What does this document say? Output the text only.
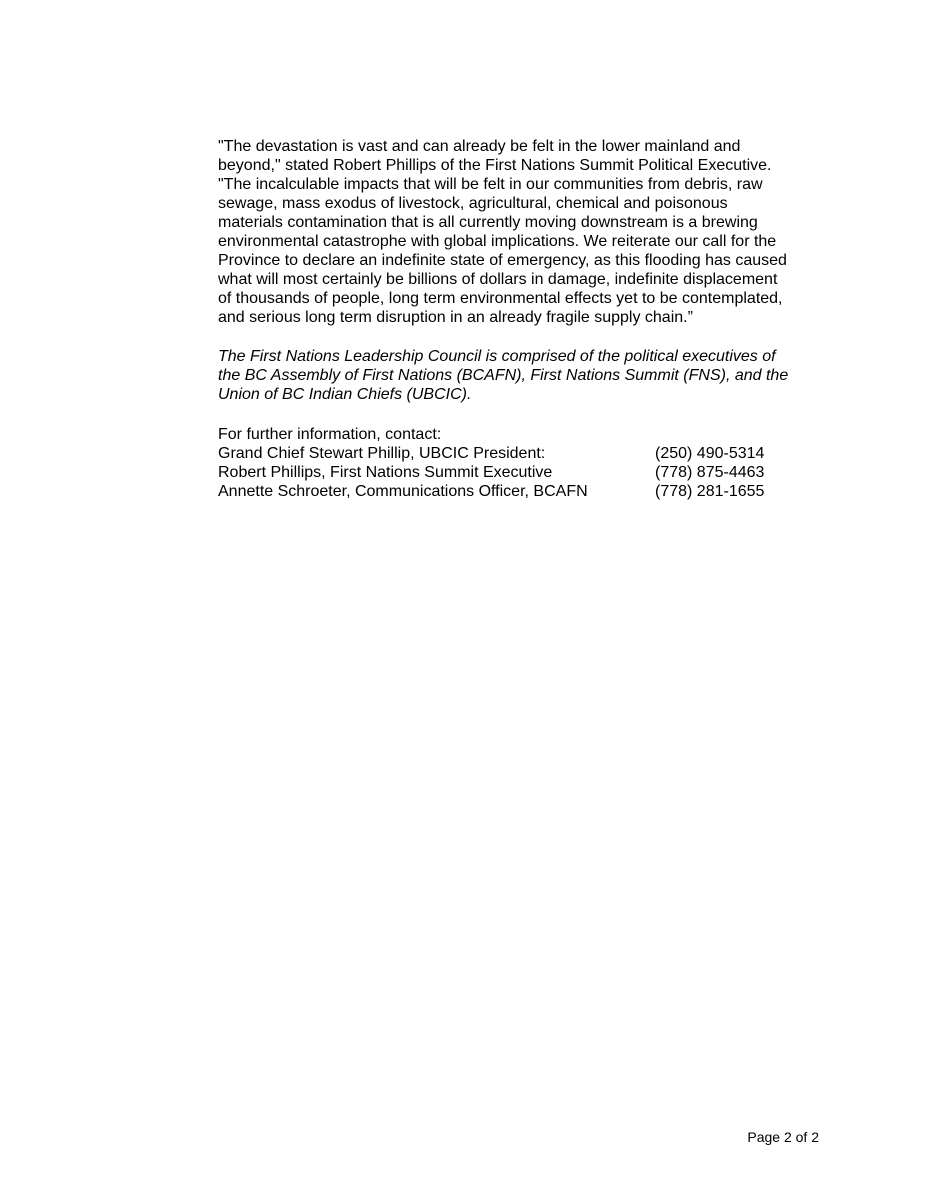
"The devastation is vast and can already be felt in the lower mainland and
beyond," stated Robert Phillips of the First Nations Summit Political Executive.
"The incalculable impacts that will be felt in our communities from debris, raw
sewage, mass exodus of livestock, agricultural, chemical and poisonous
materials contamination that is all currently moving downstream is a brewing
environmental catastrophe with global implications. We reiterate our call for the
Province to declare an indefinite state of emergency, as this flooding has caused
what will most certainly be billions of dollars in damage, indefinite displacement
of thousands of people, long term environmental effects yet to be contemplated,
and serious long term disruption in an already fragile supply chain.”

The First Nations Leadership Council is comprised of the political executives of
the BC Assembly of First Nations (BCAFN), First Nations Summit (FNS), and the
Union of BC Indian Chiefs (UBCIC).

For further information, contact:
Grand Chief Stewart Phillip, UBCIC President:	(250) 490-5314
Robert Phillips, First Nations Summit Executive	(778) 875-4463
Annette Schroeter, Communications Officer, BCAFN	(778) 281-1655
Page 2 of 2
